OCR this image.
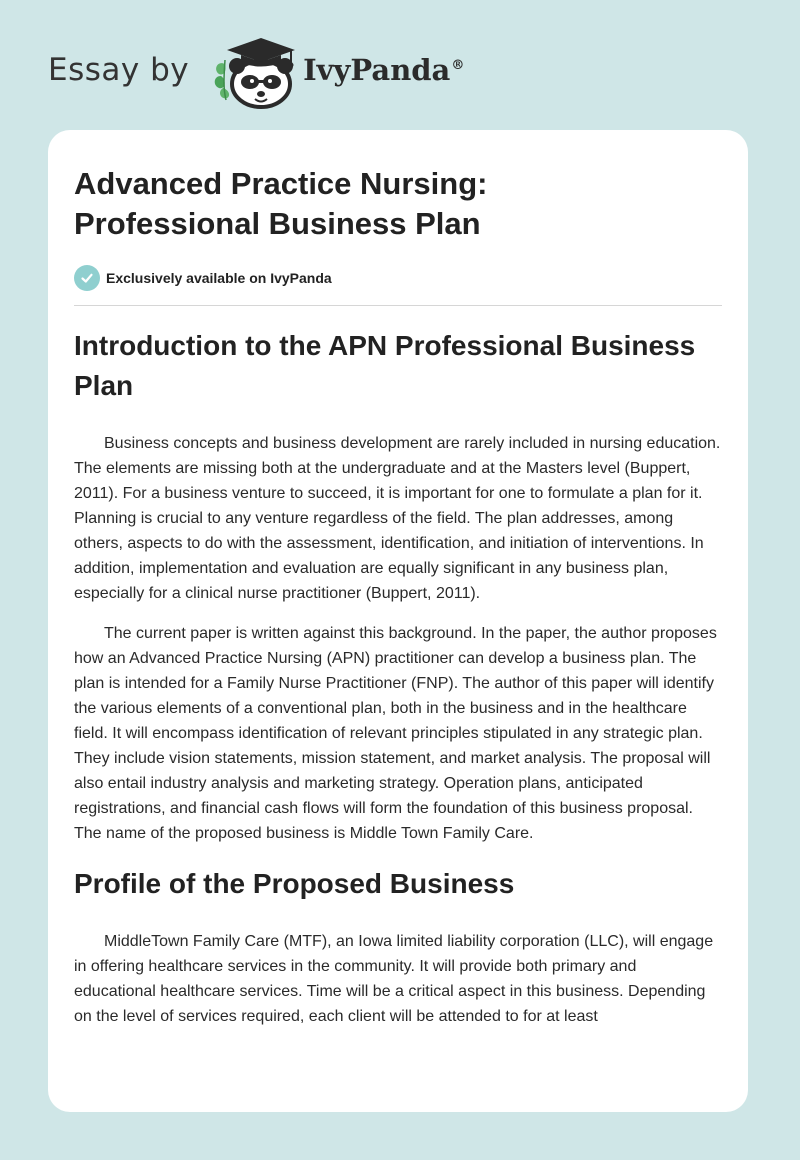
Essay by	IvyPanda®
Advanced Practice Nursing:
Professional Business Plan
Exclusively available on IvyPanda
Introduction to the APN Professional Business Plan

Business concepts and business development are rarely included in nursing education. The elements are missing both at the undergraduate and at the Masters level (Buppert, 2011). For a business venture to succeed, it is important for one to formulate a plan for it. Planning is crucial to any venture regardless of the field. The plan addresses, among others, aspects to do with the assessment, identification, and initiation of interventions. In addition, implementation and evaluation are equally significant in any business plan, especially for a clinical nurse practitioner (Buppert, 2011).

The current paper is written against this background. In the paper, the author proposes how an Advanced Practice Nursing (APN) practitioner can develop a business plan. The plan is intended for a Family Nurse Practitioner (FNP). The author of this paper will identify the various elements of a conventional plan, both in the business and in the healthcare field. It will encompass identification of relevant principles stipulated in any strategic plan. They include vision statements, mission statement, and market analysis. The proposal will also entail industry analysis and marketing strategy. Operation plans, anticipated registrations, and financial cash flows will form the foundation of this business proposal. The name of the proposed business is Middle Town Family Care.

Profile of the Proposed Business

MiddleTown Family Care (MTF), an Iowa limited liability corporation (LLC), will engage in offering healthcare services in the community. It will provide both primary and educational healthcare services. Time will be a critical aspect in this business. Depending on the level of services required, each client will be attended to for at least
